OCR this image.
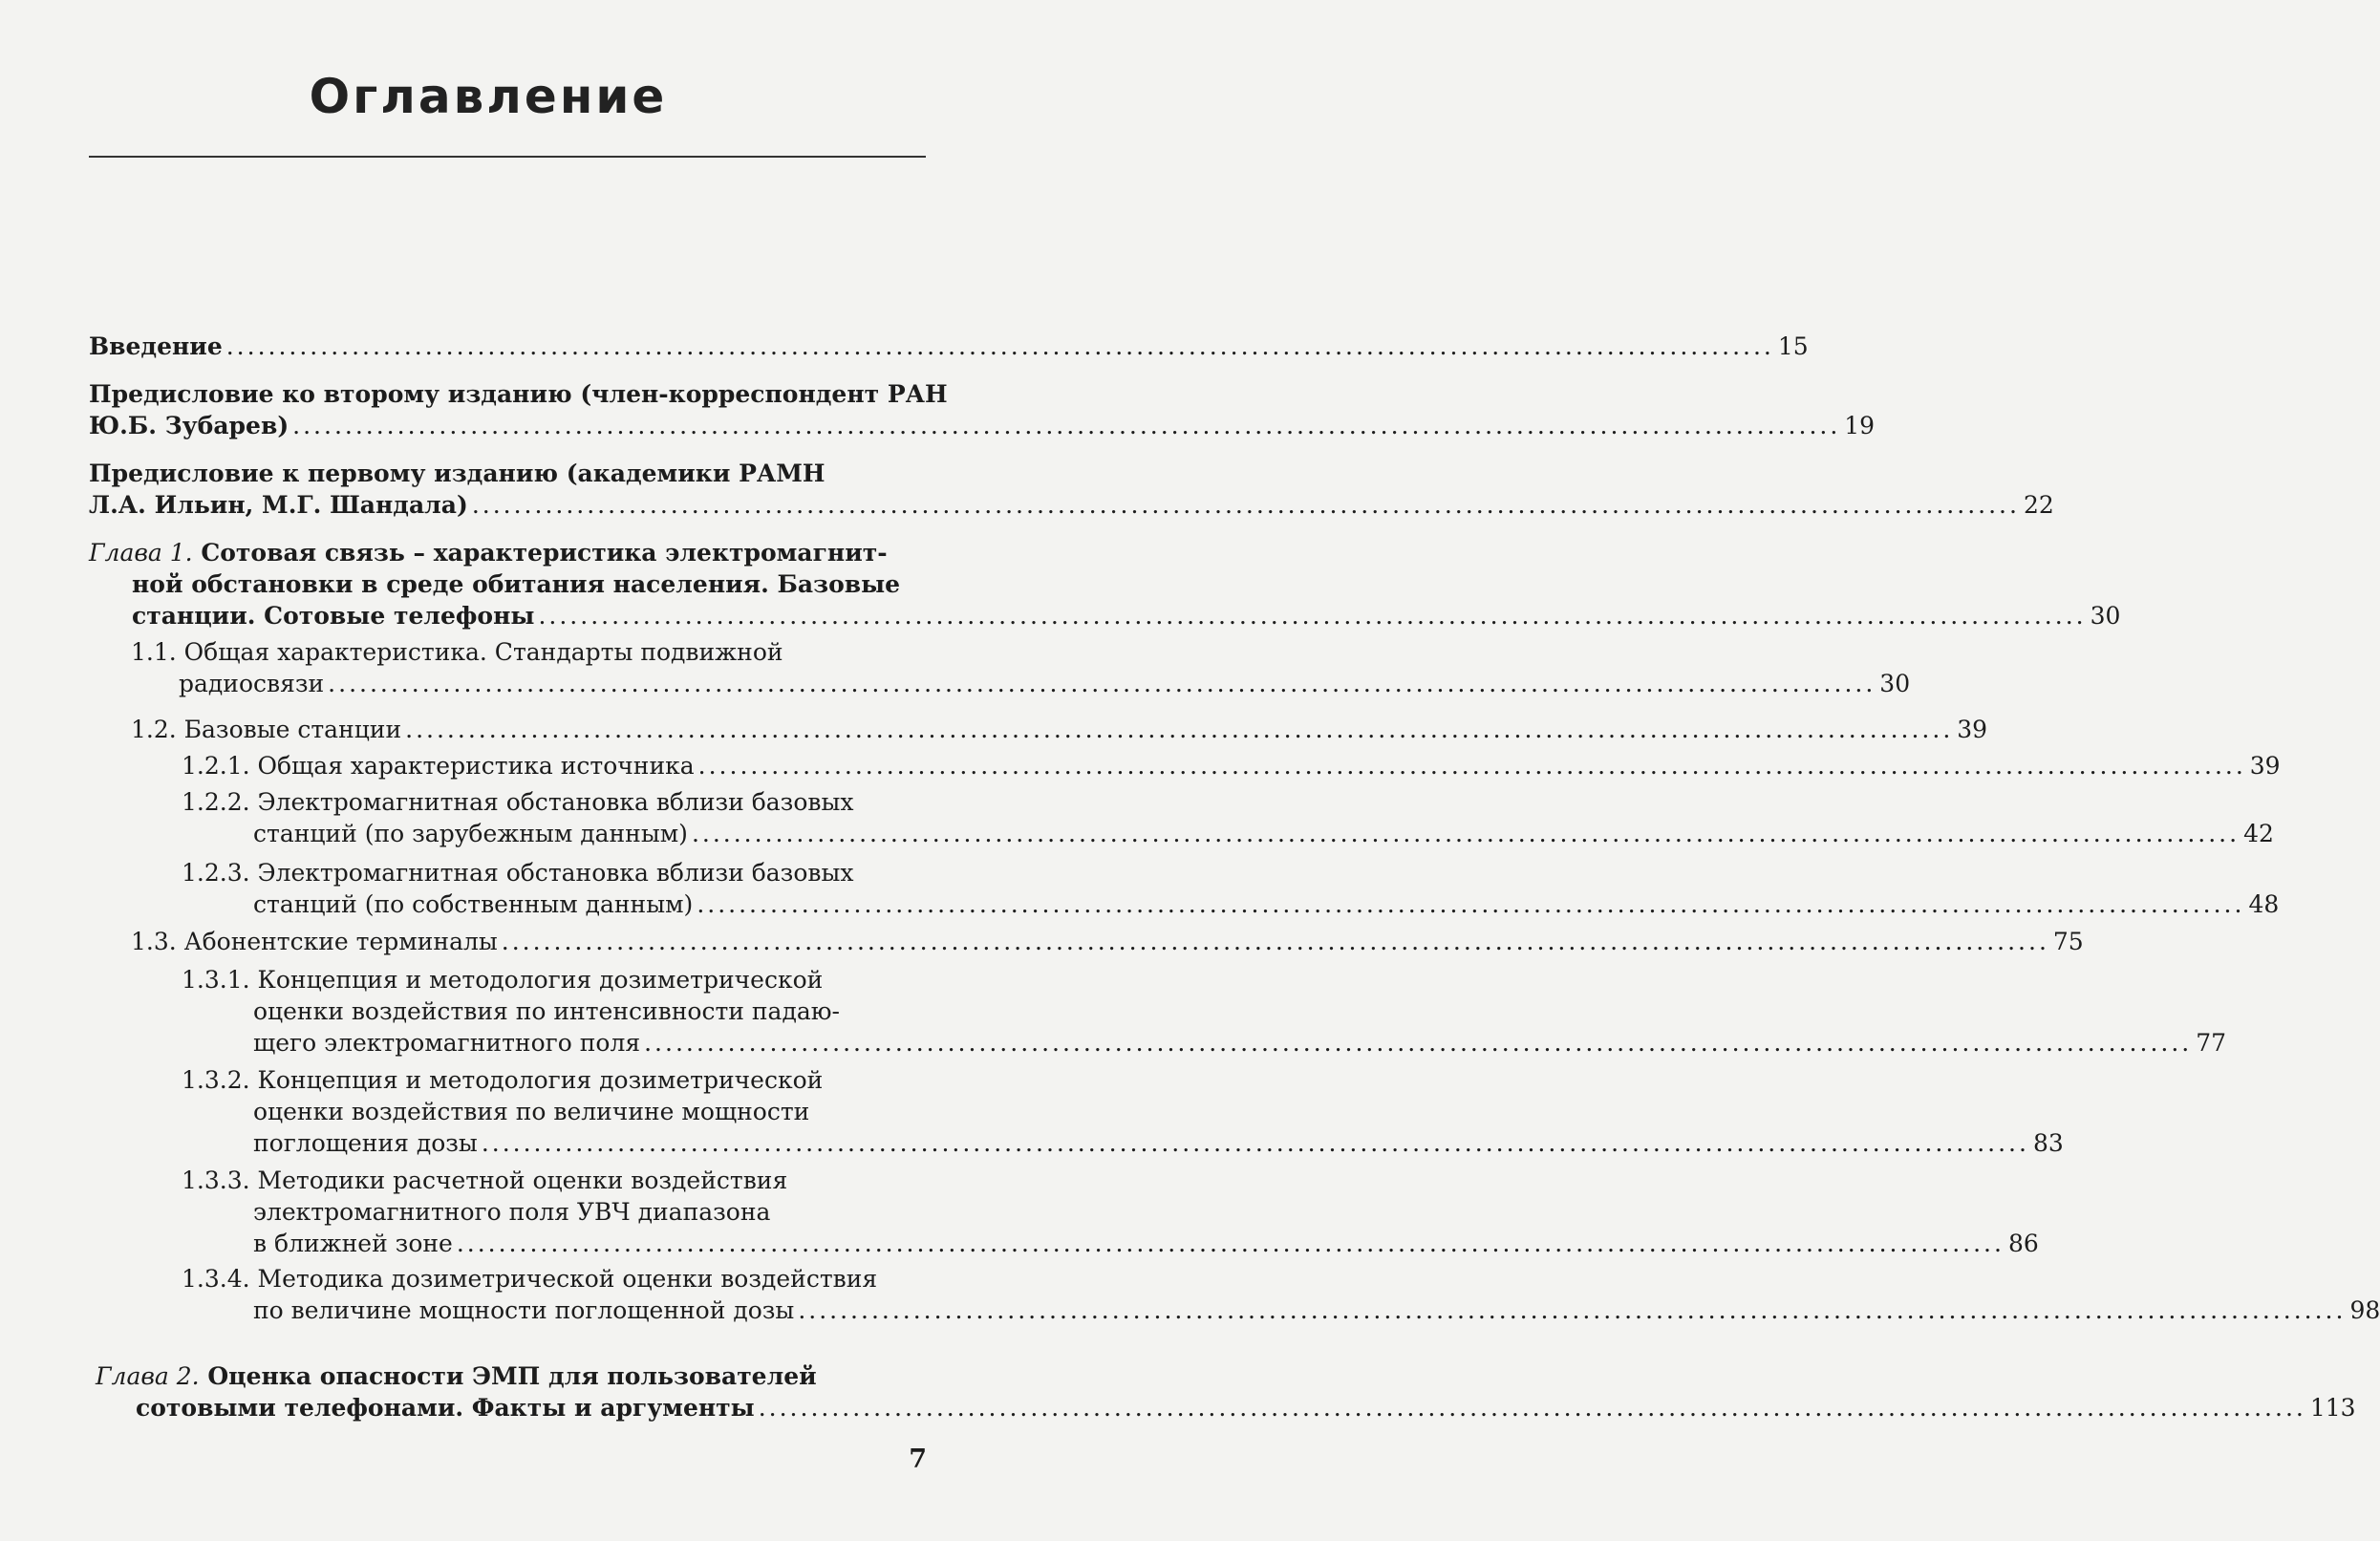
Оглавление
Введение .................................................................................................................................................... 15
Предисловие ко второму изданию (член-корреспондент РАН
Ю.Б. Зубарев) .................................................................................................................................................... 19
Предисловие к первому изданию (академики РАМН
Л.А. Ильин, М.Г. Шандала) .................................................................................................................................................... 22
Глава 1. Сотовая связь – характеристика электромагнит-
ной обстановки в среде обитания населения. Базовые
станции. Сотовые телефоны .................................................................................................................................................... 30
1.1. Общая характеристика. Стандарты подвижной
радиосвязи .................................................................................................................................................... 30
1.2. Базовые станции .................................................................................................................................................... 39
1.2.1. Общая характеристика источника .................................................................................................................................................... 39
1.2.2. Электромагнитная обстановка вблизи базовых
станций (по зарубежным данным) .................................................................................................................................................... 42
1.2.3. Электромагнитная обстановка вблизи базовых
станций (по собственным данным) .................................................................................................................................................... 48
1.3. Абонентские терминалы .................................................................................................................................................... 75
1.3.1. Концепция и методология дозиметрической
оценки воздействия по интенсивности падаю-
щего электромагнитного поля .................................................................................................................................................... 77
1.3.2. Концепция и методология дозиметрической
оценки воздействия по величине мощности
поглощения дозы .................................................................................................................................................... 83
1.3.3. Методики расчетной оценки воздействия
электромагнитного поля УВЧ диапазона
в ближней зоне .................................................................................................................................................... 86
1.3.4. Методика дозиметрической оценки воздействия
по величине мощности поглощенной дозы .................................................................................................................................................... 98
Глава 2. Оценка опасности ЭМП для пользователей
сотовыми телефонами. Факты и аргументы .................................................................................................................................................... 113
7
